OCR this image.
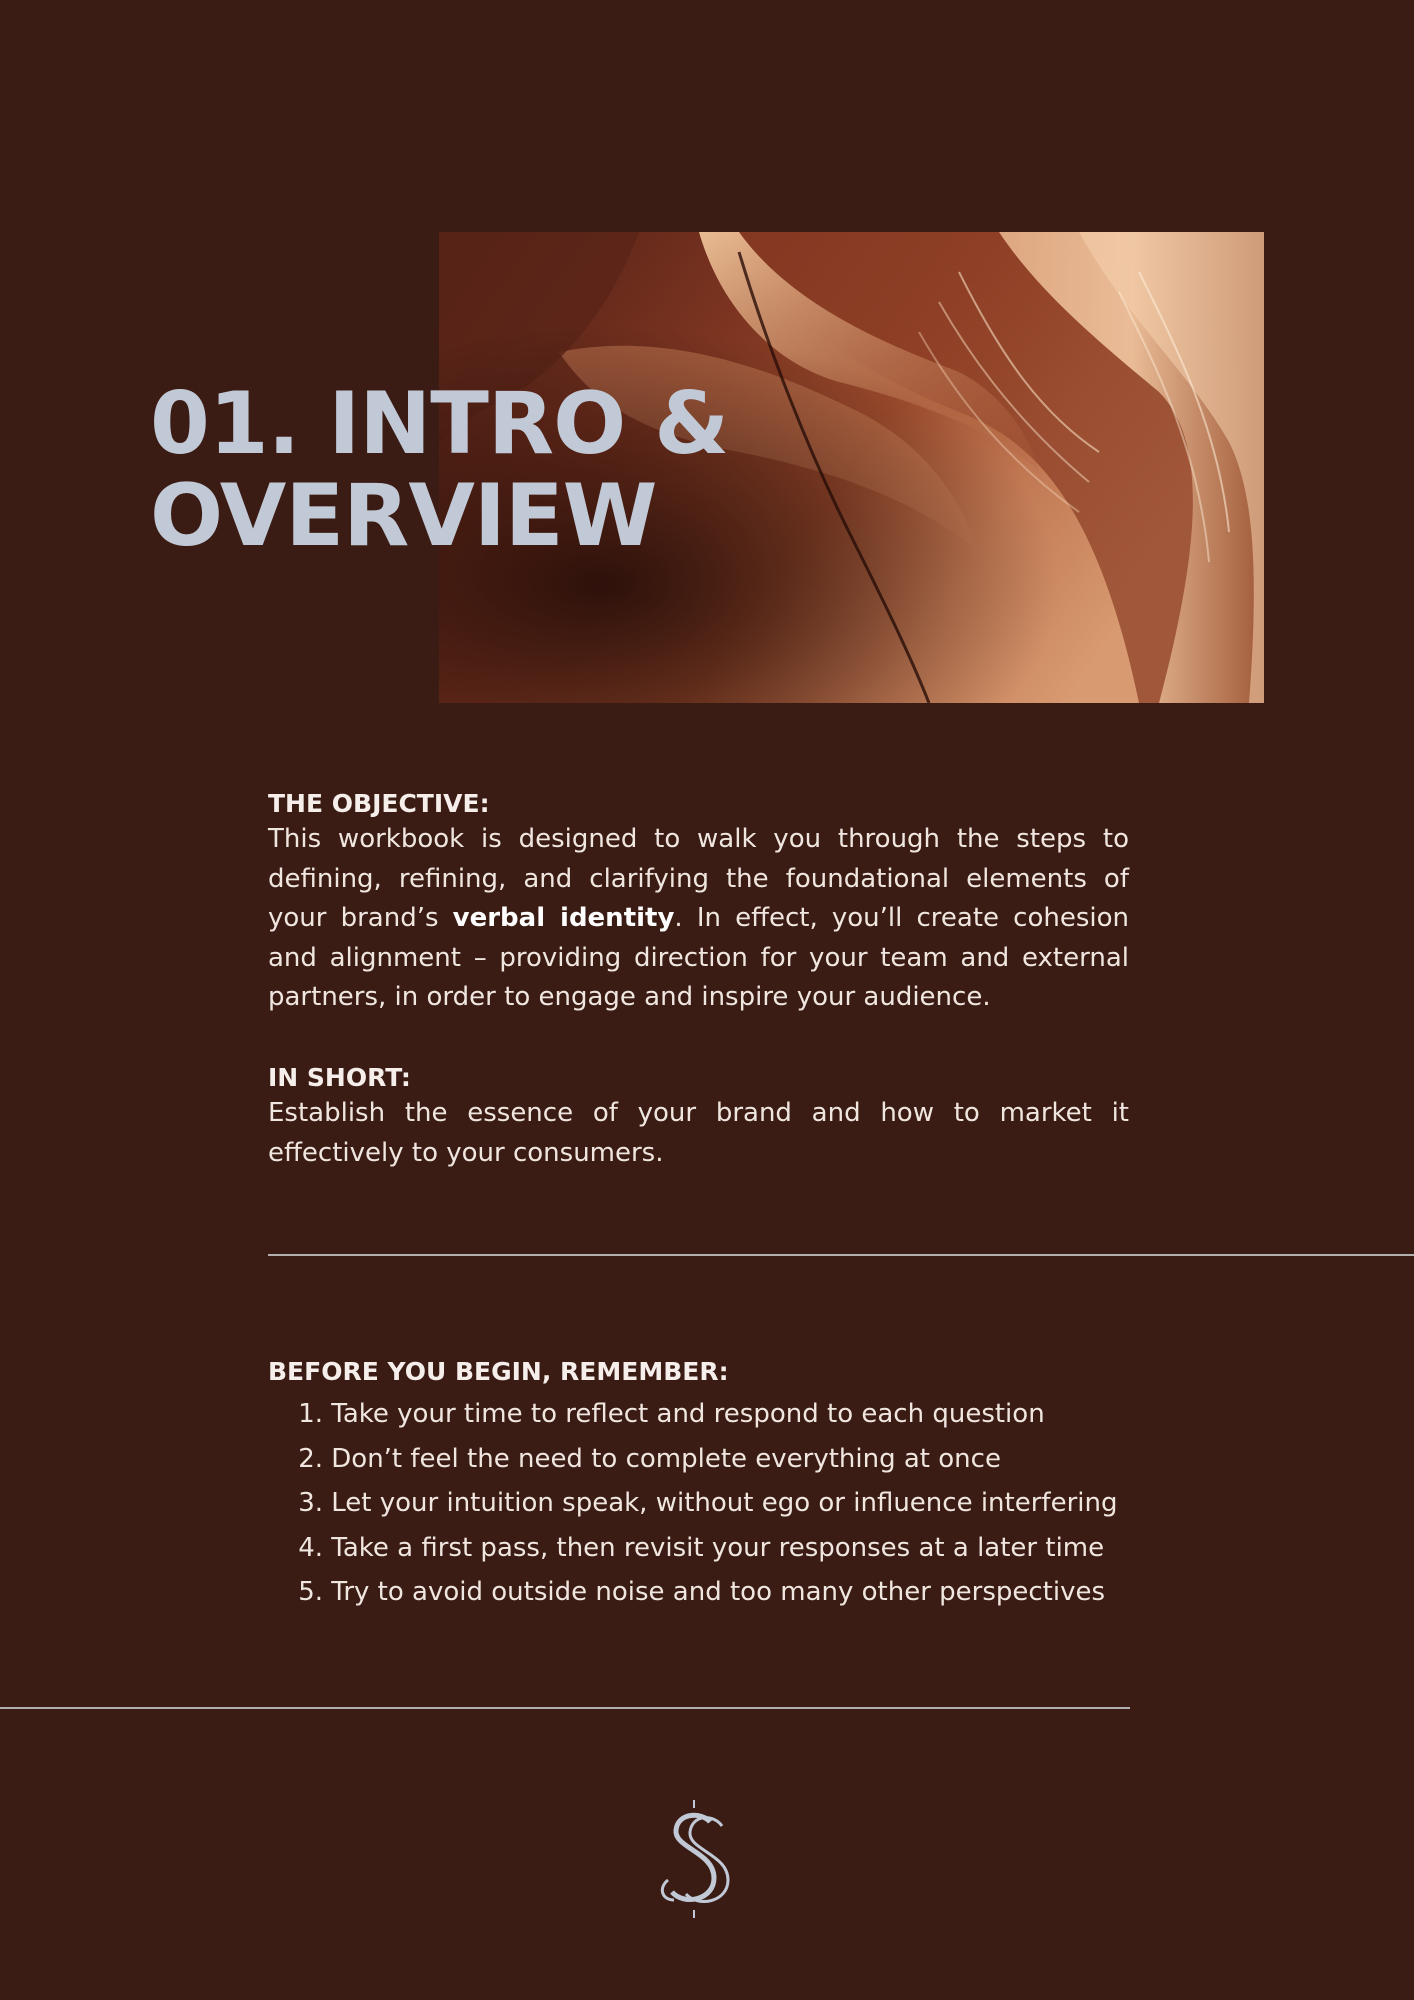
01. INTRO &
OVERVIEW
THE OBJECTIVE:

This workbook is designed to walk you through the steps to defining, refining, and clarifying the foundational elements of your brand’s verbal identity. In effect, you’ll create cohesion and alignment – providing direction for your team and external partners, in order to engage and inspire your audience.

IN SHORT:

Establish the essence of your brand and how to market it effectively to your consumers.

BEFORE YOU BEGIN, REMEMBER:
1. Take your time to reflect and respond to each question
2. Don’t feel the need to complete everything at once
3. Let your intuition speak, without ego or influence interfering
4. Take a first pass, then revisit your responses at a later time
5. Try to avoid outside noise and too many other perspectives
